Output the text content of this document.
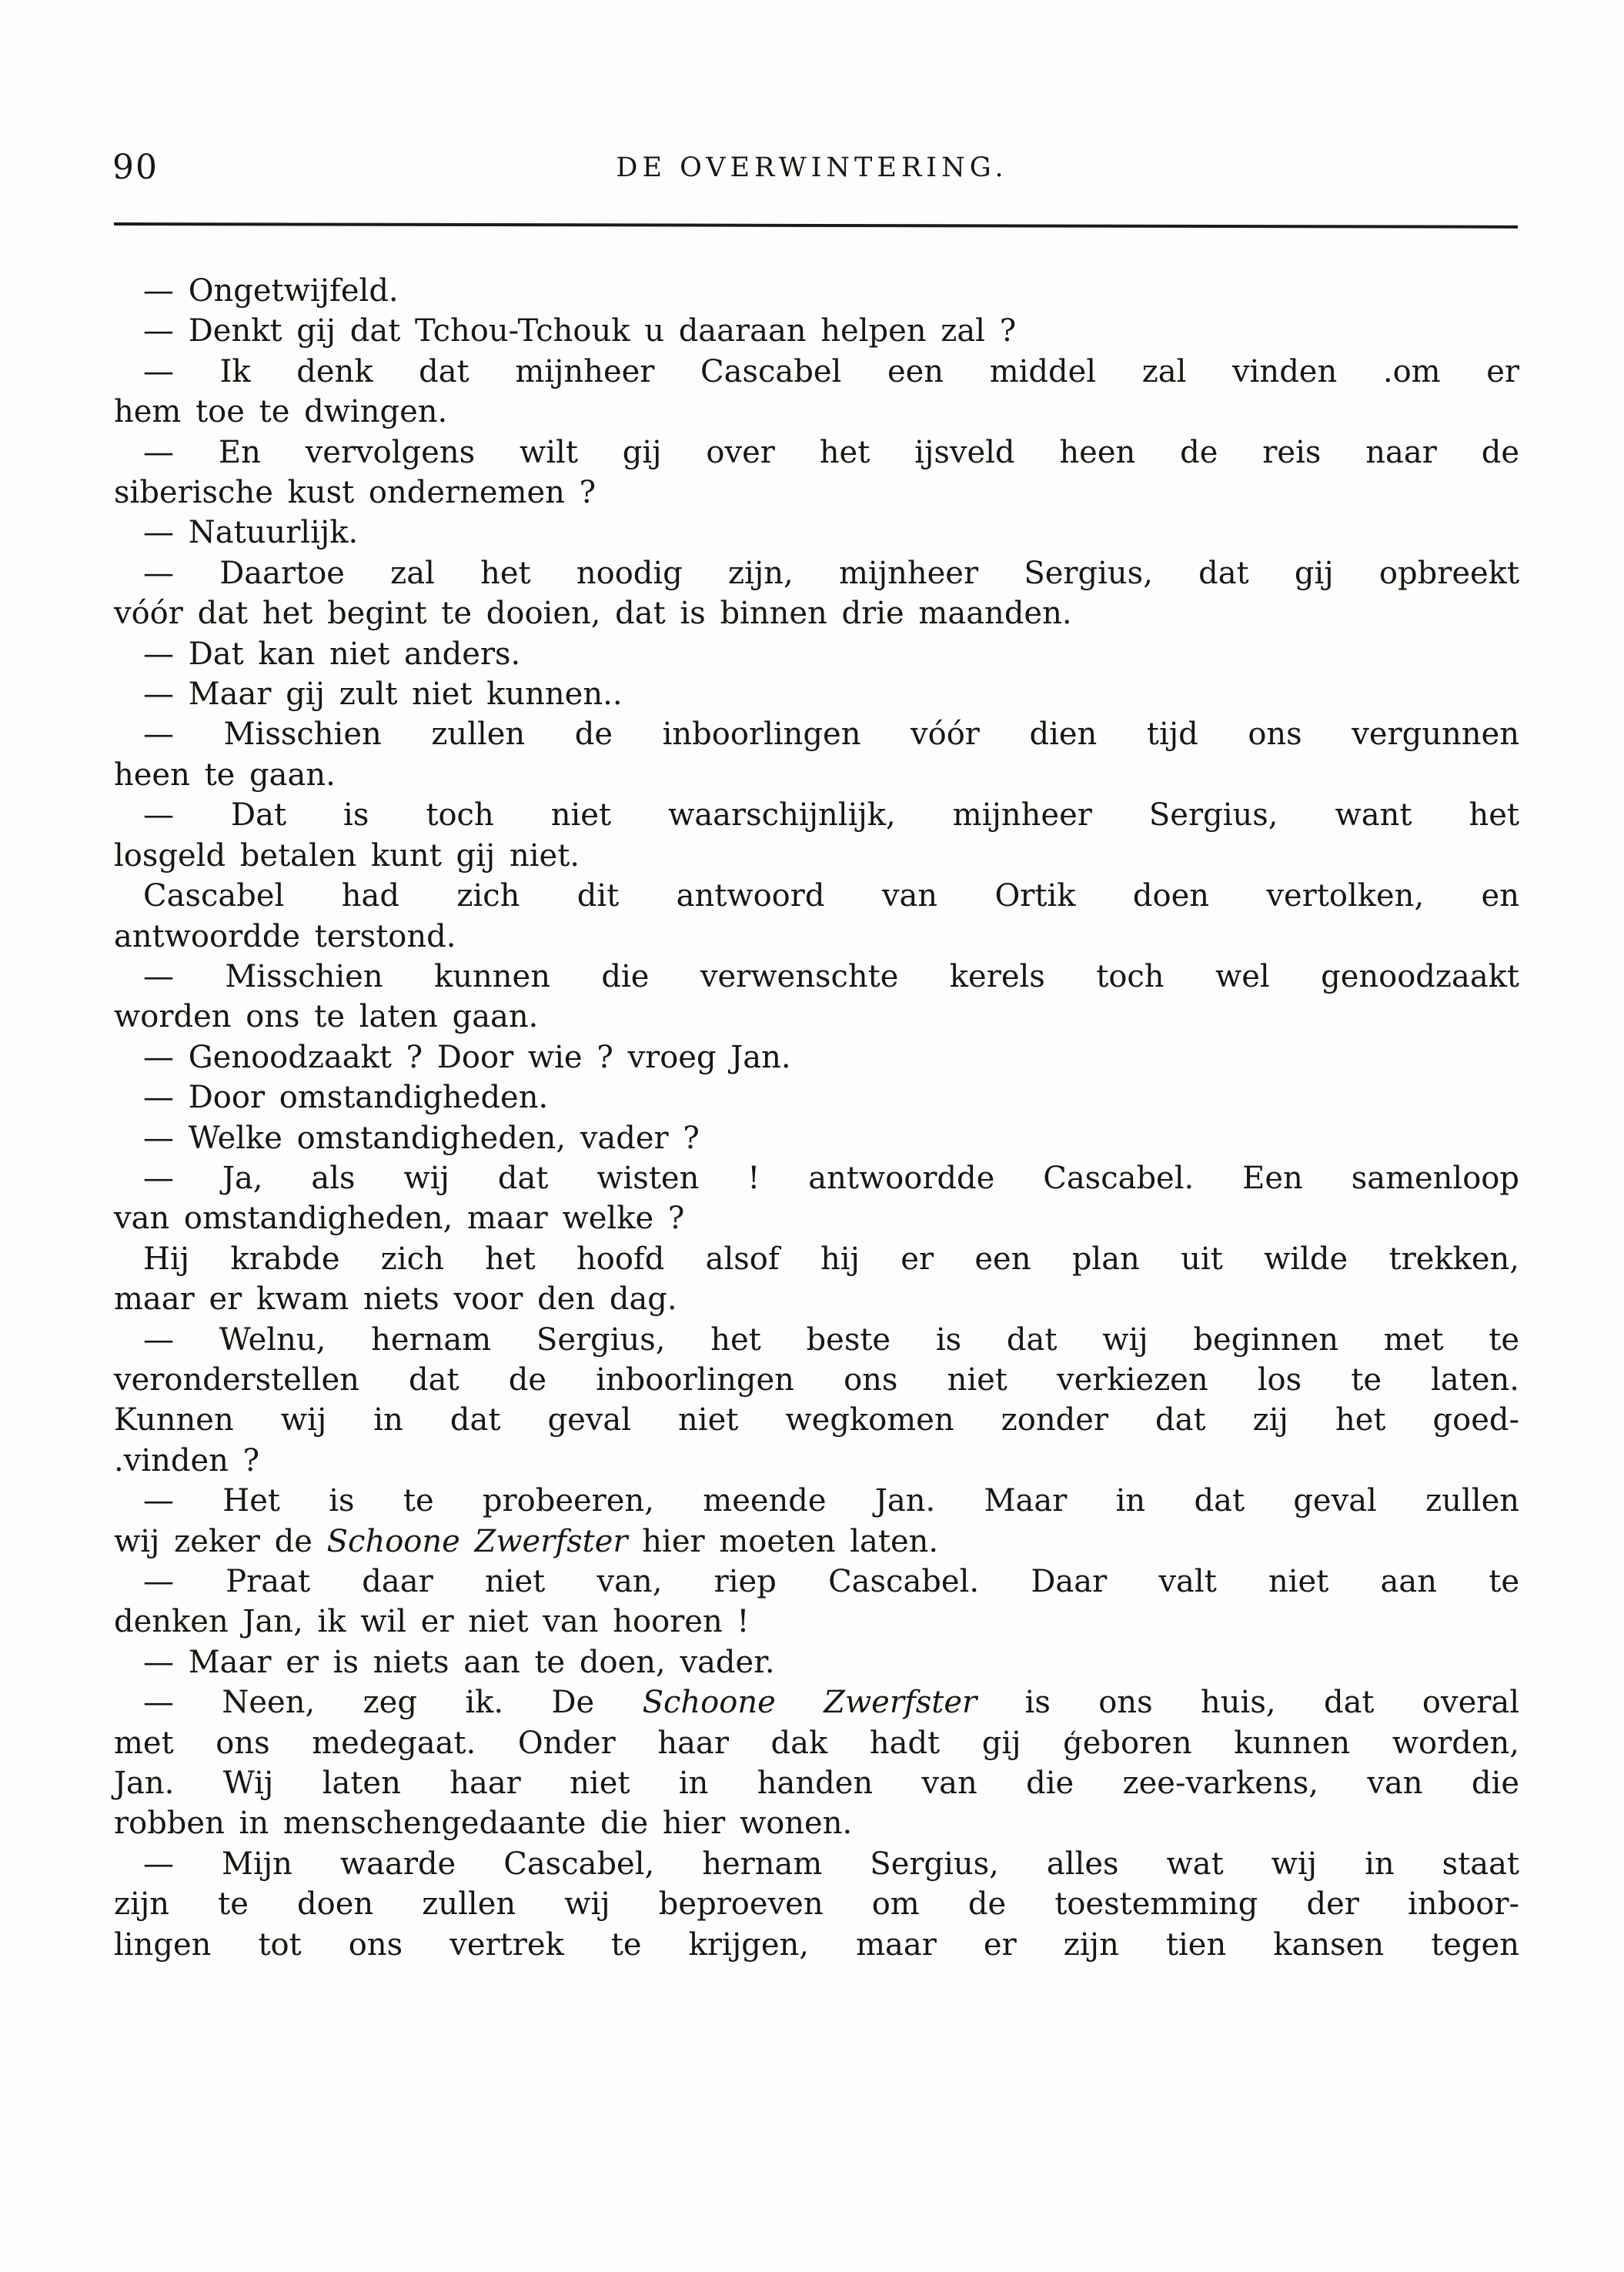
90	DE OVERWINTERING.
— Ongetwijfeld.
— Denkt gij dat Tchou-Tchouk u daaraan helpen zal ?
— Ik denk dat mijnheer Cascabel een middel zal vinden .om er
hem toe te dwingen.
— En vervolgens wilt gij over het ijsveld heen de reis naar de
siberische kust ondernemen ?
— Natuurlijk.
— Daartoe zal het noodig zijn, mijnheer Sergius, dat gij opbreekt
vóór dat het begint te dooien, dat is binnen drie maanden.
— Dat kan niet anders.
— Maar gij zult niet kunnen..
— Misschien zullen de inboorlingen vóór dien tijd ons vergunnen
heen te gaan.
— Dat is toch niet waarschijnlijk, mijnheer Sergius, want het
losgeld betalen kunt gij niet.
Cascabel had zich dit antwoord van Ortik doen vertolken, en
antwoordde terstond.
— Misschien kunnen die verwenschte kerels toch wel genoodzaakt
worden ons te laten gaan.
— Genoodzaakt ? Door wie ? vroeg Jan.
— Door omstandigheden.
— Welke omstandigheden, vader ?
— Ja, als wij dat wisten ! antwoordde Cascabel. Een samenloop
van omstandigheden, maar welke ?
Hij krabde zich het hoofd alsof hij er een plan uit wilde trekken,
maar er kwam niets voor den dag.
— Welnu, hernam Sergius, het beste is dat wij beginnen met te
veronderstellen dat de inboorlingen ons niet verkiezen los te laten.
Kunnen wij in dat geval niet wegkomen zonder dat zij het goed-
.vinden ?
— Het is te probeeren, meende Jan. Maar in dat geval zullen
wij zeker de Schoone Zwerfster hier moeten laten.
— Praat daar niet van, riep Cascabel. Daar valt niet aan te
denken Jan, ik wil er niet van hooren !
— Maar er is niets aan te doen, vader.
— Neen, zeg ik. De Schoone Zwerfster is ons huis, dat overal
met ons medegaat. Onder haar dak hadt gij ģeboren kunnen worden,
Jan. Wij laten haar niet in handen van die zee-varkens, van die
robben in menschengedaante die hier wonen.
— Mijn waarde Cascabel, hernam Sergius, alles wat wij in staat
zijn te doen zullen wij beproeven om de toestemming der inboor-
lingen tot ons vertrek te krijgen, maar er zijn tien kansen tegen
